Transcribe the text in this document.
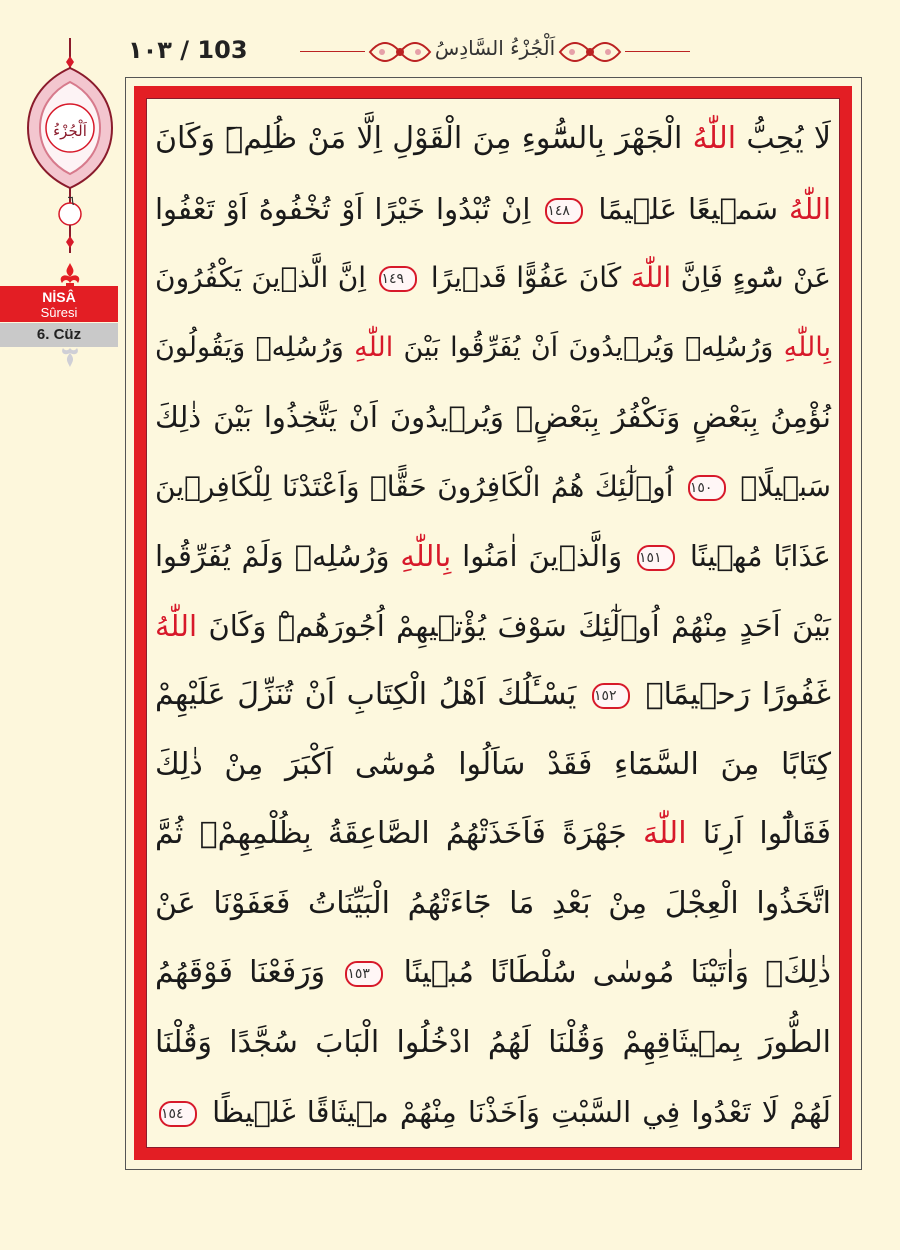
١٠٣ / 103	اَلْجُزْءُ السَّادِسُ
اَلْجُزْءُ
٦
NİSÂ
Sûresi
6. Cüz
لَا يُحِبُّ اللّٰهُ الْجَهْرَ بِالسُّٓوءِ مِنَ الْقَوْلِ اِلَّا مَنْ ظُلِمَۜ وَكَانَ
اللّٰهُ سَمٖيعًا عَلٖيمًا ١٤٨ اِنْ تُبْدُوا خَيْرًا اَوْ تُخْفُوهُ اَوْ تَعْفُوا
عَنْ سُٓوءٍ فَاِنَّ اللّٰهَ كَانَ عَفُوًّا قَدٖيرًا ١٤٩ اِنَّ الَّذٖينَ يَكْفُرُونَ
بِاللّٰهِ وَرُسُلِهٖ وَيُرٖيدُونَ اَنْ يُفَرِّقُوا بَيْنَ اللّٰهِ وَرُسُلِهٖ وَيَقُولُونَ
نُؤْمِنُ بِبَعْضٍ وَنَكْفُرُ بِبَعْضٍۙ وَيُرٖيدُونَ اَنْ يَتَّخِذُوا بَيْنَ ذٰلِكَ
سَبٖيلًاۙ ١٥٠ اُو۬لٰٓئِكَ هُمُ الْكَافِرُونَ حَقًّاۚ وَاَعْتَدْنَا لِلْكَافِرٖينَ
عَذَابًا مُهٖينًا ١٥١ وَالَّذٖينَ اٰمَنُوا بِاللّٰهِ وَرُسُلِهٖ وَلَمْ يُفَرِّقُوا
بَيْنَ اَحَدٍ مِنْهُمْ اُو۬لٰٓئِكَ سَوْفَ يُؤْتٖيهِمْ اُجُورَهُمْۜ وَكَانَ اللّٰهُ
غَفُورًا رَحٖيمًا۟ ١٥٢ يَسْـَٔلُكَ اَهْلُ الْكِتَابِ اَنْ تُنَزِّلَ عَلَيْهِمْ
كِتَابًا مِنَ السَّمَٓاءِ فَقَدْ سَاَلُوا مُوسٰٓى اَكْبَرَ مِنْ ذٰلِكَ
فَقَالُٓوا اَرِنَا اللّٰهَ جَهْرَةً فَاَخَذَتْهُمُ الصَّاعِقَةُ بِظُلْمِهِمْۚ ثُمَّ
اتَّخَذُوا الْعِجْلَ مِنْ بَعْدِ مَا جَٓاءَتْهُمُ الْبَيِّنَاتُ فَعَفَوْنَا عَنْ
ذٰلِكَۚ وَاٰتَيْنَا مُوسٰى سُلْطَانًا مُبٖينًا ١٥٣ وَرَفَعْنَا فَوْقَهُمُ
الطُّورَ بِمٖيثَاقِهِمْ وَقُلْنَا لَهُمُ ادْخُلُوا الْبَابَ سُجَّدًا وَقُلْنَا
لَهُمْ لَا تَعْدُوا فِي السَّبْتِ وَاَخَذْنَا مِنْهُمْ مٖيثَاقًا غَلٖيظًا ١٥٤
